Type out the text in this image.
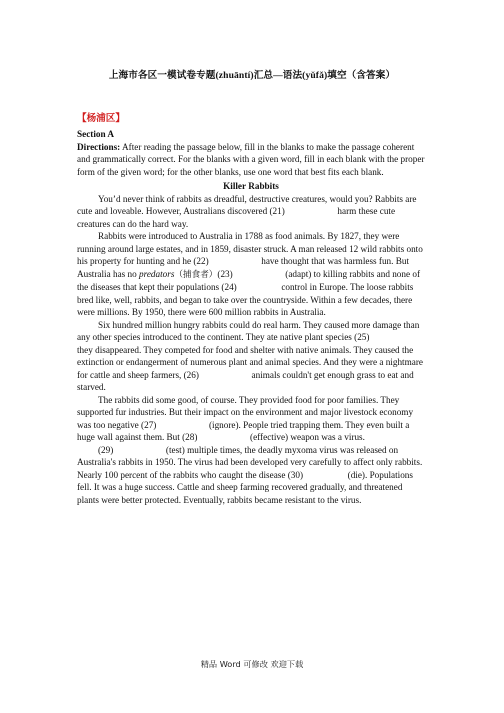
上海市各区一模试卷专题(zhuāntí)汇总—语法(yǔfǎ)填空（含答案）
【杨浦区】
Section A

Directions: After reading the passage below, fill in the blanks to make the passage coherent and grammatically correct. For the blanks with a given word, fill in each blank with the proper form of the given word; for the other blanks, use one word that best fits each blank.

Killer Rabbits

You’d never think of rabbits as dreadful, destructive creatures, would you? Rabbits are cute and loveable. However, Australians discovered (21)	harm these cute creatures can do the hard way.

Rabbits were introduced to Australia in 1788 as food animals. By 1827, they were running around large estates, and in 1859, disaster struck. A man released 12 wild rabbits onto his property for hunting and he (22)	have thought that was harmless fun. But Australia has no predators（捕食者）(23)	(adapt) to killing rabbits and none of the diseases that kept their populations (24)	control in Europe. The loose rabbits bred like, well, rabbits, and began to take over the countryside. Within a few decades, there were millions. By 1950, there were 600 million rabbits in Australia.

Six hundred million hungry rabbits could do real harm. They caused more damage than any other species introduced to the continent. They ate native plant species (25)  they disappeared. They competed for food and shelter with native animals. They caused the extinction or endangerment of numerous plant and animal species. And they were a nightmare for cattle and sheep farmers, (26)	animals couldn't get enough grass to eat and starved.

The rabbits did some good, of course. They provided food for poor families. They supported fur industries. But their impact on the environment and major livestock economy was too negative (27)	(ignore). People tried trapping them. They even built a huge wall against them. But (28)	(effective) weapon was a virus.

(29)	(test) multiple times, the deadly myxoma virus was released on Australia's rabbits in 1950. The virus had been developed very carefully to affect only rabbits. Nearly 100 percent of the rabbits who caught the disease (30)	(die). Populations fell. It was a huge success. Cattle and sheep farming recovered gradually, and threatened plants were better protected. Eventually, rabbits became resistant to the virus.

精品 Word 可修改 欢迎下载
